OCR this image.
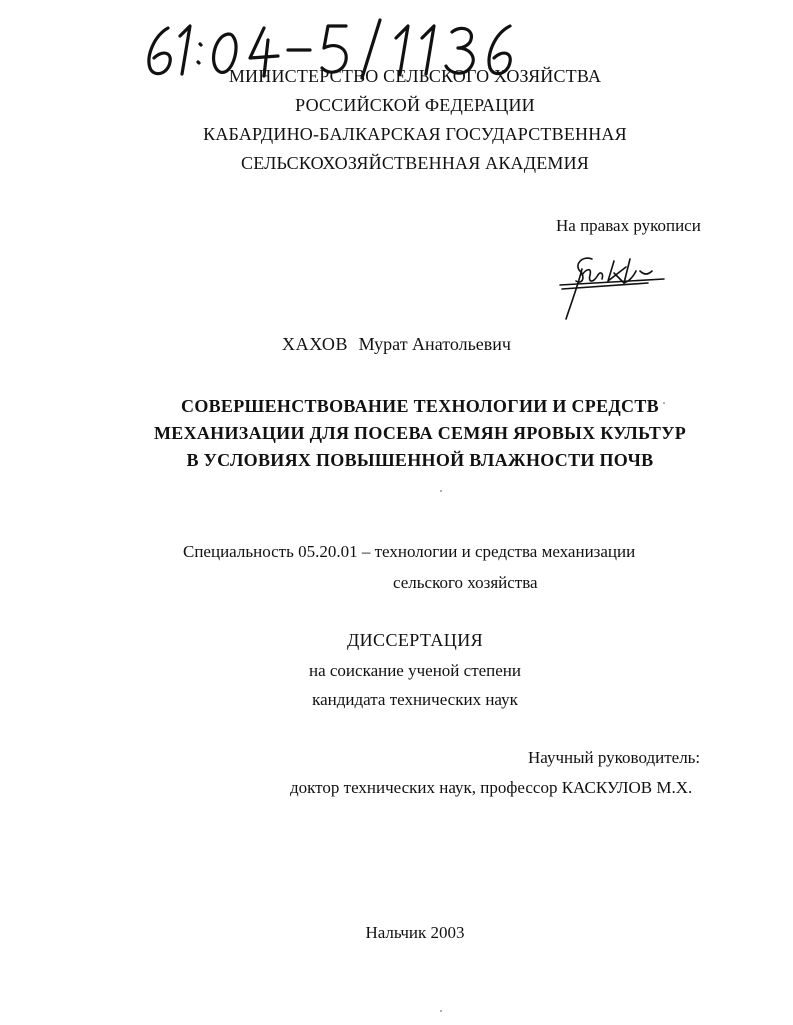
МИНИСТЕРСТВО СЕЛЬСКОГО ХОЗЯЙСТВА
РОССИЙСКОЙ ФЕДЕРАЦИИ
КАБАРДИНО-БАЛКАРСКАЯ ГОСУДАРСТВЕННАЯ
СЕЛЬСКОХОЗЯЙСТВЕННАЯ АКАДЕМИЯ
На правах рукописи
ХАХОВ Мурат Анатольевич
СОВЕРШЕНСТВОВАНИЕ ТЕХНОЛОГИИ И СРЕДСТВ
МЕХАНИЗАЦИИ ДЛЯ ПОСЕВА СЕМЯН ЯРОВЫХ КУЛЬТУР
В УСЛОВИЯХ ПОВЫШЕННОЙ ВЛАЖНОСТИ ПОЧВ
Специальность 05.20.01 – технологии и средства механизации
сельского хозяйства
ДИССЕРТАЦИЯ
на соискание ученой степени
кандидата технических наук
Научный руководитель:
доктор технических наук, профессор КАСКУЛОВ М.Х.
Нальчик 2003
